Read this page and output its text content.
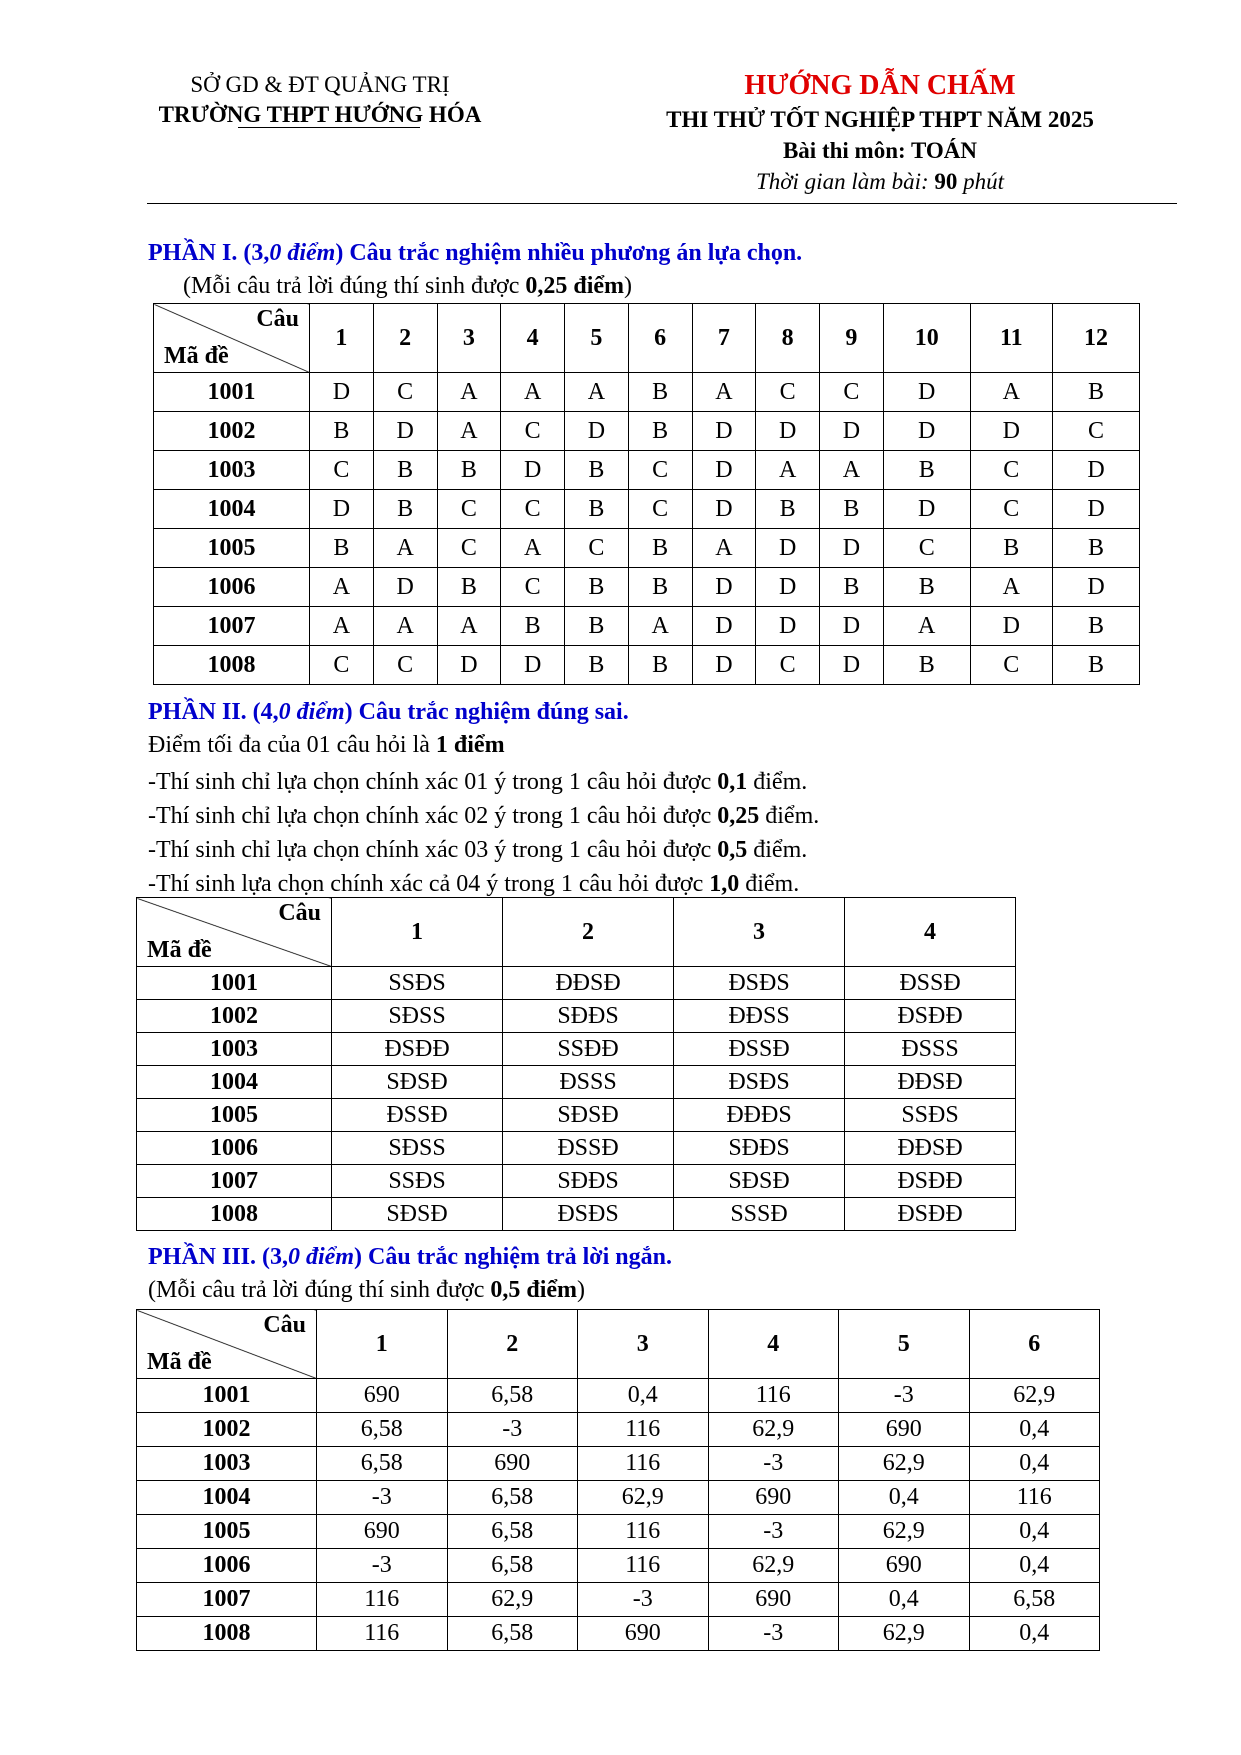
SỞ GD & ĐT QUẢNG TRỊ
TRƯỜNG THPT HƯỚNG HÓA
HƯỚNG DẪN CHẤM
THI THỬ TỐT NGHIỆP THPT NĂM 2025
Bài thi môn: TOÁN
Thời gian làm bài: 90 phút
PHẦN I. (3,0 điểm) Câu trắc nghiệm nhiều phương án lựa chọn.
(Mỗi câu trả lời đúng thí sinh được 0,25 điểm)
Câu
Mã đề	1	2	3	4	5	6	7	8	9	10	11	12
1001	D	C	A	A	A	B	A	C	C	D	A	B
1002	B	D	A	C	D	B	D	D	D	D	D	C
1003	C	B	B	D	B	C	D	A	A	B	C	D
1004	D	B	C	C	B	C	D	B	B	D	C	D
1005	B	A	C	A	C	B	A	D	D	C	B	B
1006	A	D	B	C	B	B	D	D	B	B	A	D
1007	A	A	A	B	B	A	D	D	D	A	D	B
1008	C	C	D	D	B	B	D	C	D	B	C	B
PHẦN II. (4,0 điểm) Câu trắc nghiệm đúng sai.
Điểm tối đa của 01 câu hỏi là 1 điểm
-Thí sinh chỉ lựa chọn chính xác 01 ý trong 1 câu hỏi được 0,1 điểm.
-Thí sinh chỉ lựa chọn chính xác 02 ý trong 1 câu hỏi được 0,25 điểm.
-Thí sinh chỉ lựa chọn chính xác 03 ý trong 1 câu hỏi được 0,5 điểm.
-Thí sinh lựa chọn chính xác cả 04 ý trong 1 câu hỏi được 1,0 điểm.
Câu
Mã đề	1	2	3	4
1001	SSĐS	ĐĐSĐ	ĐSĐS	ĐSSĐ
1002	SĐSS	SĐĐS	ĐĐSS	ĐSĐĐ
1003	ĐSĐĐ	SSĐĐ	ĐSSĐ	ĐSSS
1004	SĐSĐ	ĐSSS	ĐSĐS	ĐĐSĐ
1005	ĐSSĐ	SĐSĐ	ĐĐĐS	SSĐS
1006	SĐSS	ĐSSĐ	SĐĐS	ĐĐSĐ
1007	SSĐS	SĐĐS	SĐSĐ	ĐSĐĐ
1008	SĐSĐ	ĐSĐS	SSSĐ	ĐSĐĐ
PHẦN III. (3,0 điểm) Câu trắc nghiệm trả lời ngắn.
(Mỗi câu trả lời đúng thí sinh được 0,5 điểm)
Câu
Mã đề	1	2	3	4	5	6
1001	690	6,58	0,4	116	-3	62,9
1002	6,58	-3	116	62,9	690	0,4
1003	6,58	690	116	-3	62,9	0,4
1004	-3	6,58	62,9	690	0,4	116
1005	690	6,58	116	-3	62,9	0,4
1006	-3	6,58	116	62,9	690	0,4
1007	116	62,9	-3	690	0,4	6,58
1008	116	6,58	690	-3	62,9	0,4
